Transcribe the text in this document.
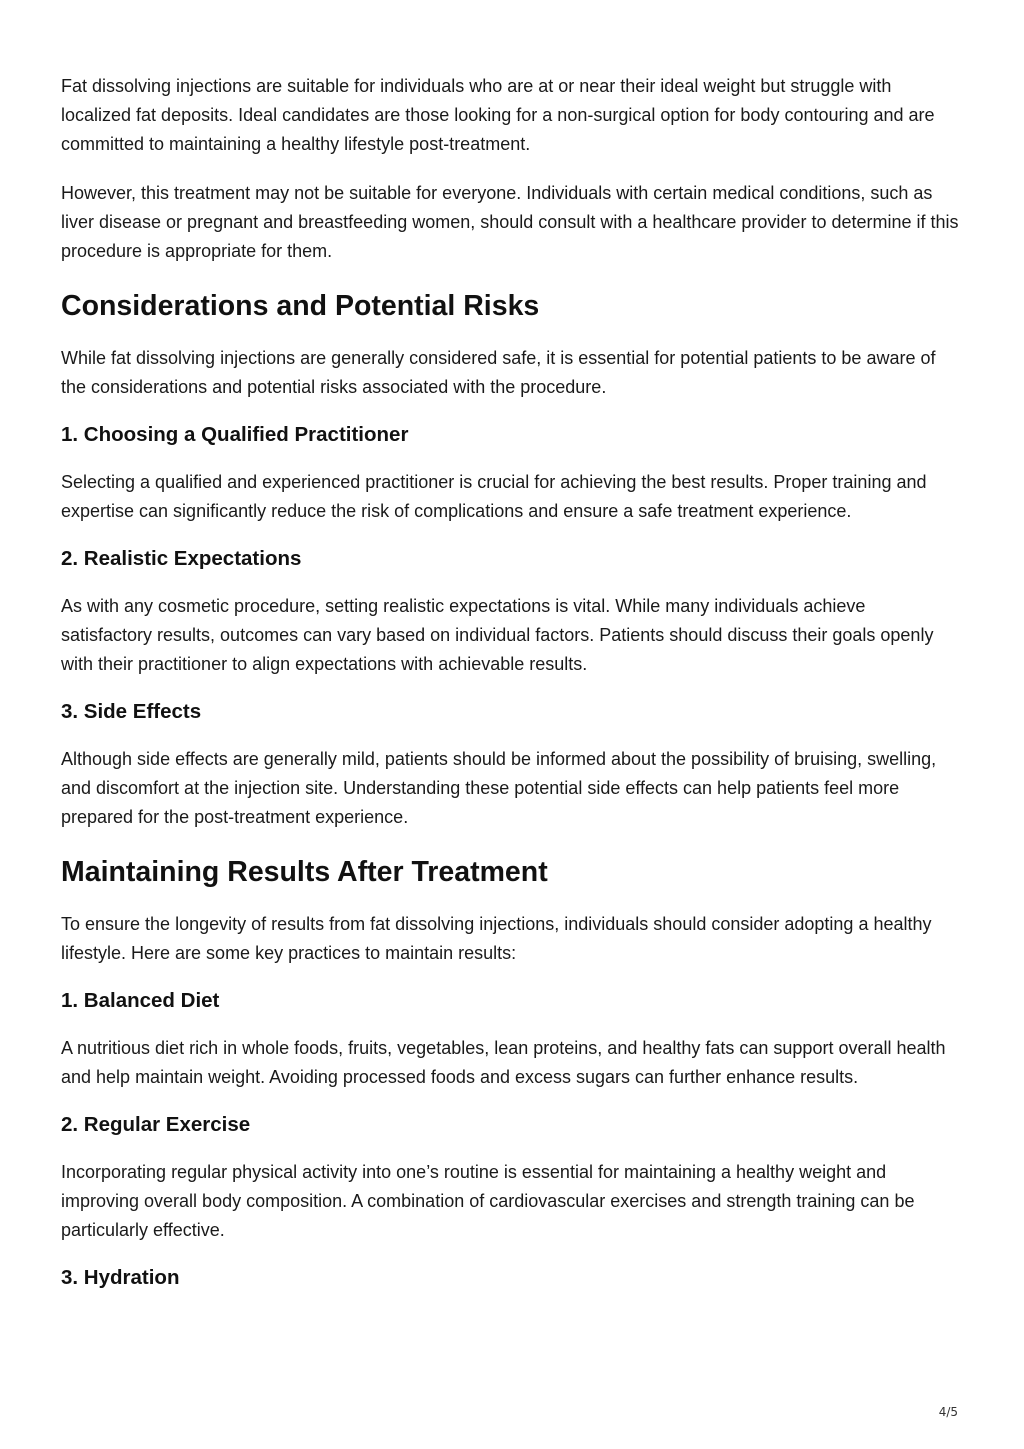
Fat dissolving injections are suitable for individuals who are at or near their ideal weight but struggle with localized fat deposits. Ideal candidates are those looking for a non-surgical option for body contouring and are committed to maintaining a healthy lifestyle post-treatment.

However, this treatment may not be suitable for everyone. Individuals with certain medical conditions, such as liver disease or pregnant and breastfeeding women, should consult with a healthcare provider to determine if this procedure is appropriate for them.

Considerations and Potential Risks

While fat dissolving injections are generally considered safe, it is essential for potential patients to be aware of the considerations and potential risks associated with the procedure.

1. Choosing a Qualified Practitioner

Selecting a qualified and experienced practitioner is crucial for achieving the best results. Proper training and expertise can significantly reduce the risk of complications and ensure a safe treatment experience.

2. Realistic Expectations

As with any cosmetic procedure, setting realistic expectations is vital. While many individuals achieve satisfactory results, outcomes can vary based on individual factors. Patients should discuss their goals openly with their practitioner to align expectations with achievable results.

3. Side Effects

Although side effects are generally mild, patients should be informed about the possibility of bruising, swelling, and discomfort at the injection site. Understanding these potential side effects can help patients feel more prepared for the post-treatment experience.

Maintaining Results After Treatment

To ensure the longevity of results from fat dissolving injections, individuals should consider adopting a healthy lifestyle. Here are some key practices to maintain results:

1. Balanced Diet

A nutritious diet rich in whole foods, fruits, vegetables, lean proteins, and healthy fats can support overall health and help maintain weight. Avoiding processed foods and excess sugars can further enhance results.

2. Regular Exercise

Incorporating regular physical activity into one’s routine is essential for maintaining a healthy weight and improving overall body composition. A combination of cardiovascular exercises and strength training can be particularly effective.

3. Hydration
4/5
